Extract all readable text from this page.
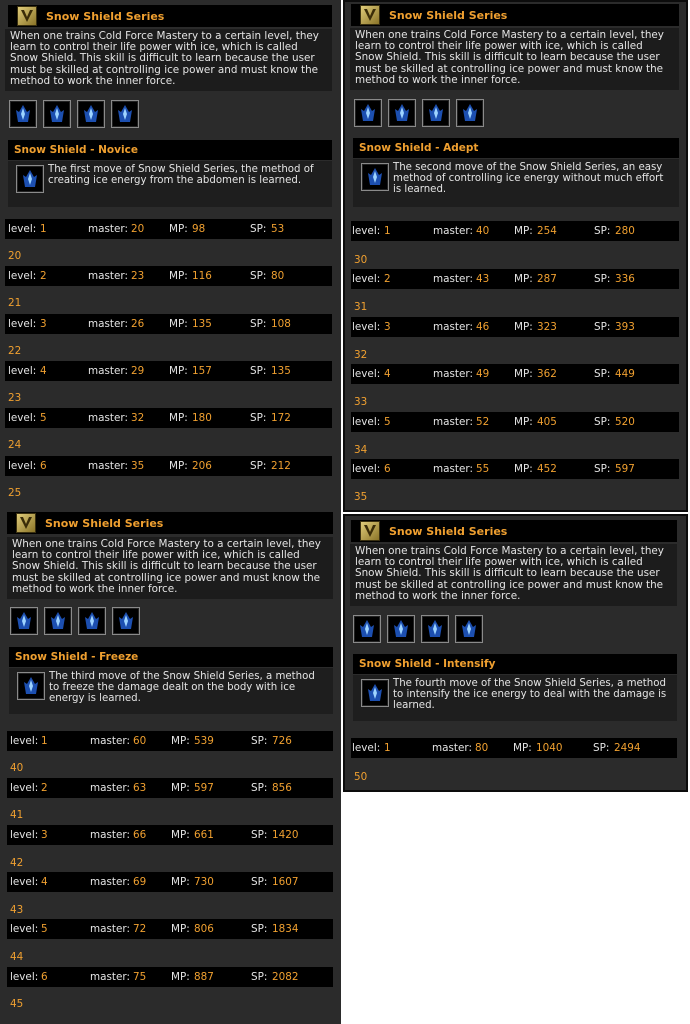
Snow Shield Series
When one trains Cold Force Mastery to a certain level, they learn to control their life power with ice, which is called Snow Shield. This skill is difficult to learn because the user must be skilled at controlling ice power and must know the method to work the inner force.
Snow Shield - Novice
The first move of Snow Shield Series, the method of creating ice energy from the abdomen is learned.
level: 1	master: 20 MP: 98	SP: 53
20
level: 2	master: 23 MP: 116	SP: 80
21
level: 3	master: 26 MP: 135	SP: 108
22
level: 4	master: 29 MP: 157	SP: 135
23
level: 5	master: 32 MP: 180	SP: 172
24
level: 6	master: 35 MP: 206	SP: 212
25
Snow Shield Series
When one trains Cold Force Mastery to a certain level, they learn to control their life power with ice, which is called Snow Shield. This skill is difficult to learn because the user must be skilled at controlling ice power and must know the method to work the inner force.
Snow Shield - Adept
The second move of the Snow Shield Series, an easy method of controlling ice energy without much effort is learned.
level: 1	master: 40 MP: 254	SP: 280
30
level: 2	master: 43 MP: 287	SP: 336
31
level: 3	master: 46 MP: 323	SP: 393
32
level: 4	master: 49 MP: 362	SP: 449
33
level: 5	master: 52 MP: 405	SP: 520
34
level: 6	master: 55 MP: 452	SP: 597
35
Snow Shield Series
When one trains Cold Force Mastery to a certain level, they learn to control their life power with ice, which is called Snow Shield. This skill is difficult to learn because the user must be skilled at controlling ice power and must know the method to work the inner force.
Snow Shield - Freeze
The third move of the Snow Shield Series, a method to freeze the damage dealt on the body with ice energy is learned.
level: 1	master: 60 MP: 539	SP: 726
40
level: 2	master: 63 MP: 597	SP: 856
41
level: 3	master: 66 MP: 661	SP: 1420
42
level: 4	master: 69 MP: 730	SP: 1607
43
level: 5	master: 72 MP: 806	SP: 1834
44
level: 6	master: 75 MP: 887	SP: 2082
45
Snow Shield Series
When one trains Cold Force Mastery to a certain level, they learn to control their life power with ice, which is called Snow Shield. This skill is difficult to learn because the user must be skilled at controlling ice power and must know the method to work the inner force.
Snow Shield - Intensify
The fourth move of the Snow Shield Series, a method to intensify the ice energy to deal with the damage is learned.
level: 1	master: 80 MP: 1040	SP: 2494
50
